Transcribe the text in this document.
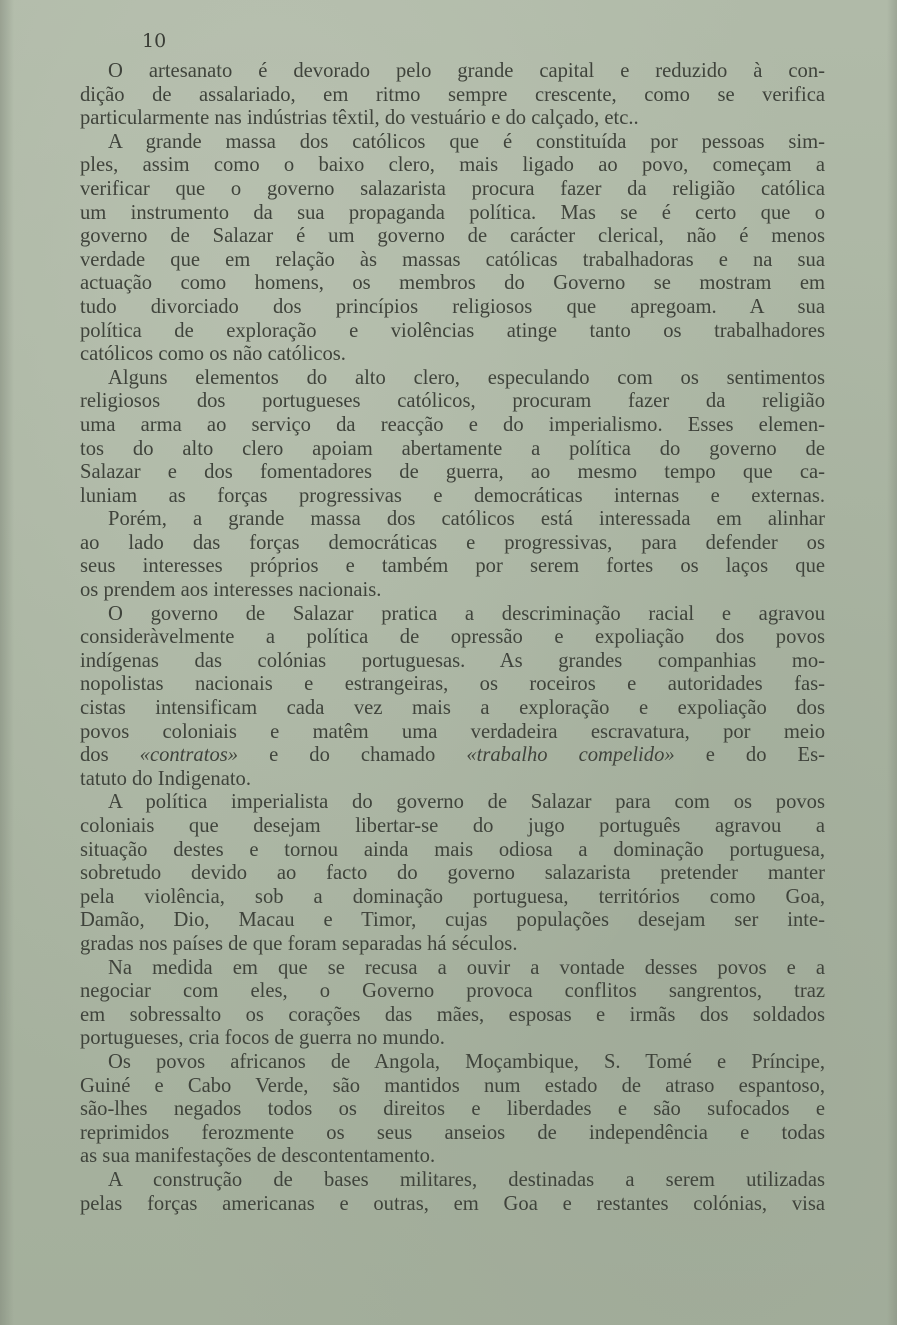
10
O artesanato é devorado pelo grande capital e reduzido à con-
dição de assalariado, em ritmo sempre crescente, como se verifica
particularmente nas indústrias têxtil, do vestuário e do calçado, etc..
A grande massa dos católicos que é constituída por pessoas sim-
ples, assim como o baixo clero, mais ligado ao povo, começam a
verificar que o governo salazarista procura fazer da religião católica
um instrumento da sua propaganda política. Mas se é certo que o
governo de Salazar é um governo de carácter clerical, não é menos
verdade que em relação às massas católicas trabalhadoras e na sua
actuação como homens, os membros do Governo se mostram em
tudo divorciado dos princípios religiosos que apregoam. A sua
política de exploração e violências atinge tanto os trabalhadores
católicos como os não católicos.
Alguns elementos do alto clero, especulando com os sentimentos
religiosos dos portugueses católicos, procuram fazer da religião
uma arma ao serviço da reacção e do imperialismo. Esses elemen-
tos do alto clero apoiam abertamente a política do governo de
Salazar e dos fomentadores de guerra, ao mesmo tempo que ca-
luniam as forças progressivas e democráticas internas e externas.
Porém, a grande massa dos católicos está interessada em alinhar
ao lado das forças democráticas e progressivas, para defender os
seus interesses próprios e também por serem fortes os laços que
os prendem aos interesses nacionais.
O governo de Salazar pratica a descriminação racial e agravou
consideràvelmente a política de opressão e expoliação dos povos
indígenas das colónias portuguesas. As grandes companhias mo-
nopolistas nacionais e estrangeiras, os roceiros e autoridades fas-
cistas intensificam cada vez mais a exploração e expoliação dos
povos coloniais e matêm uma verdadeira escravatura, por meio
dos «contratos» e do chamado «trabalho compelido» e do Es-
tatuto do Indigenato.
A política imperialista do governo de Salazar para com os povos
coloniais que desejam libertar-se do jugo português agravou a
situação destes e tornou ainda mais odiosa a dominação portuguesa,
sobretudo devido ao facto do governo salazarista pretender manter
pela violência, sob a dominação portuguesa, territórios como Goa,
Damão, Dio, Macau e Timor, cujas populações desejam ser inte-
gradas nos países de que foram separadas há séculos.
Na medida em que se recusa a ouvir a vontade desses povos e a
negociar com eles, o Governo provoca conflitos sangrentos, traz
em sobressalto os corações das mães, esposas e irmãs dos soldados
portugueses, cria focos de guerra no mundo.
Os povos africanos de Angola, Moçambique, S. Tomé e Príncipe,
Guiné e Cabo Verde, são mantidos num estado de atraso espantoso,
são-lhes negados todos os direitos e liberdades e são sufocados e
reprimidos ferozmente os seus anseios de independência e todas
as sua manifestações de descontentamento.
A construção de bases militares, destinadas a serem utilizadas
pelas forças americanas e outras, em Goa e restantes colónias, visa
